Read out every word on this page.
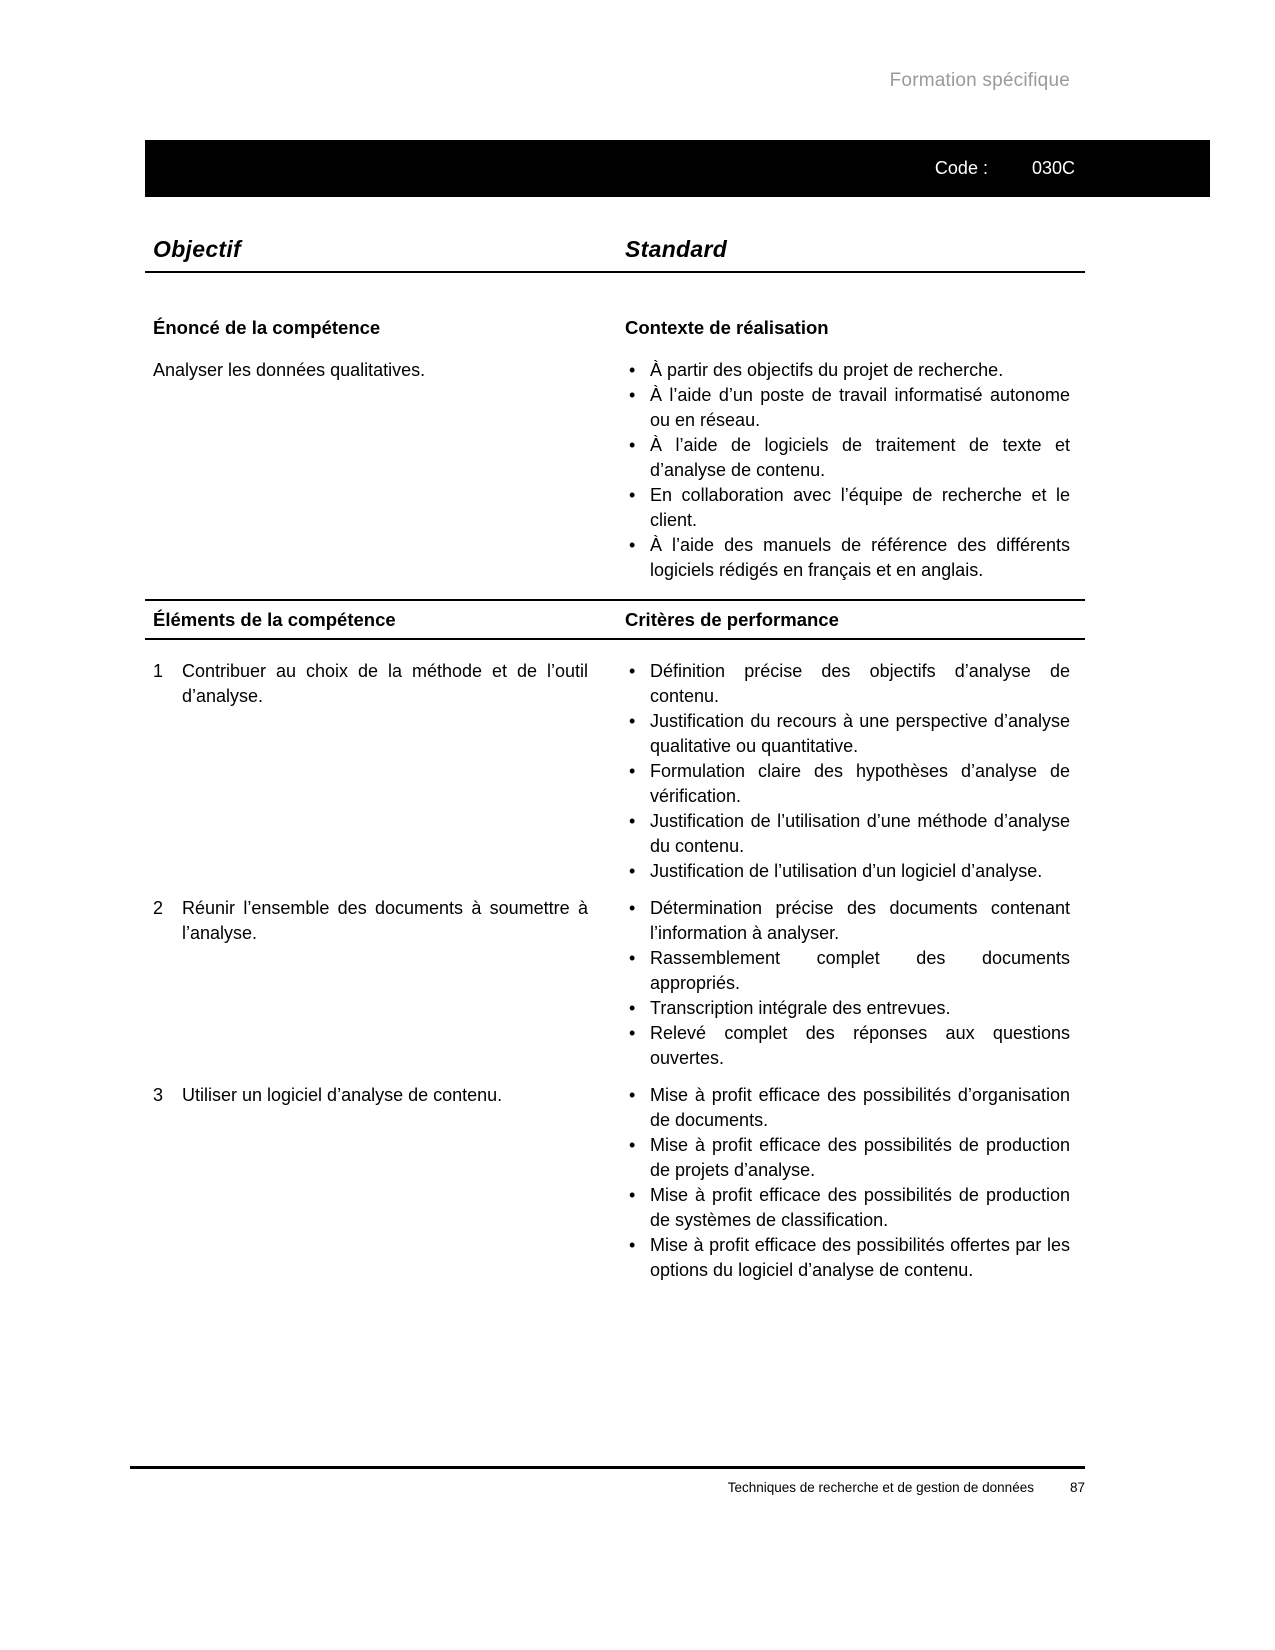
Formation spécifique
Code : 030C
Objectif	Standard
Énoncé de la compétence	Contexte de réalisation

Analyser les données qualitatives.	• À partir des objectifs du projet de recherche.
• À l’aide d’un poste de travail informatisé autonome ou en réseau.
• À l’aide de logiciels de traitement de texte et d’analyse de contenu.
• En collaboration avec l’équipe de recherche et le client.
• À l’aide des manuels de référence des différents logiciels rédigés en français et en anglais.
Éléments de la compétence	Critères de performance
1	Contribuer au choix de la méthode et de l’outil d’analyse.
• Définition précise des objectifs d’analyse de contenu.
• Justification du recours à une perspective d’analyse qualitative ou quantitative.
• Formulation claire des hypothèses d’analyse de vérification.
• Justification de l’utilisation d’une méthode d’analyse du contenu.
• Justification de l’utilisation d’un logiciel d’analyse.
2	Réunir l’ensemble des documents à soumettre à l’analyse.
• Détermination précise des documents contenant l’information à analyser.
• Rassemblement complet des documents appropriés.
• Transcription intégrale des entrevues.
• Relevé complet des réponses aux questions ouvertes.
3	Utiliser un logiciel d’analyse de contenu.	• Mise à profit efficace des possibilités d’organisation de documents.
• Mise à profit efficace des possibilités de production de projets d’analyse.
• Mise à profit efficace des possibilités de production de systèmes de classification.
• Mise à profit efficace des possibilités offertes par les options du logiciel d’analyse de contenu.
Techniques de recherche et de gestion de données	87
